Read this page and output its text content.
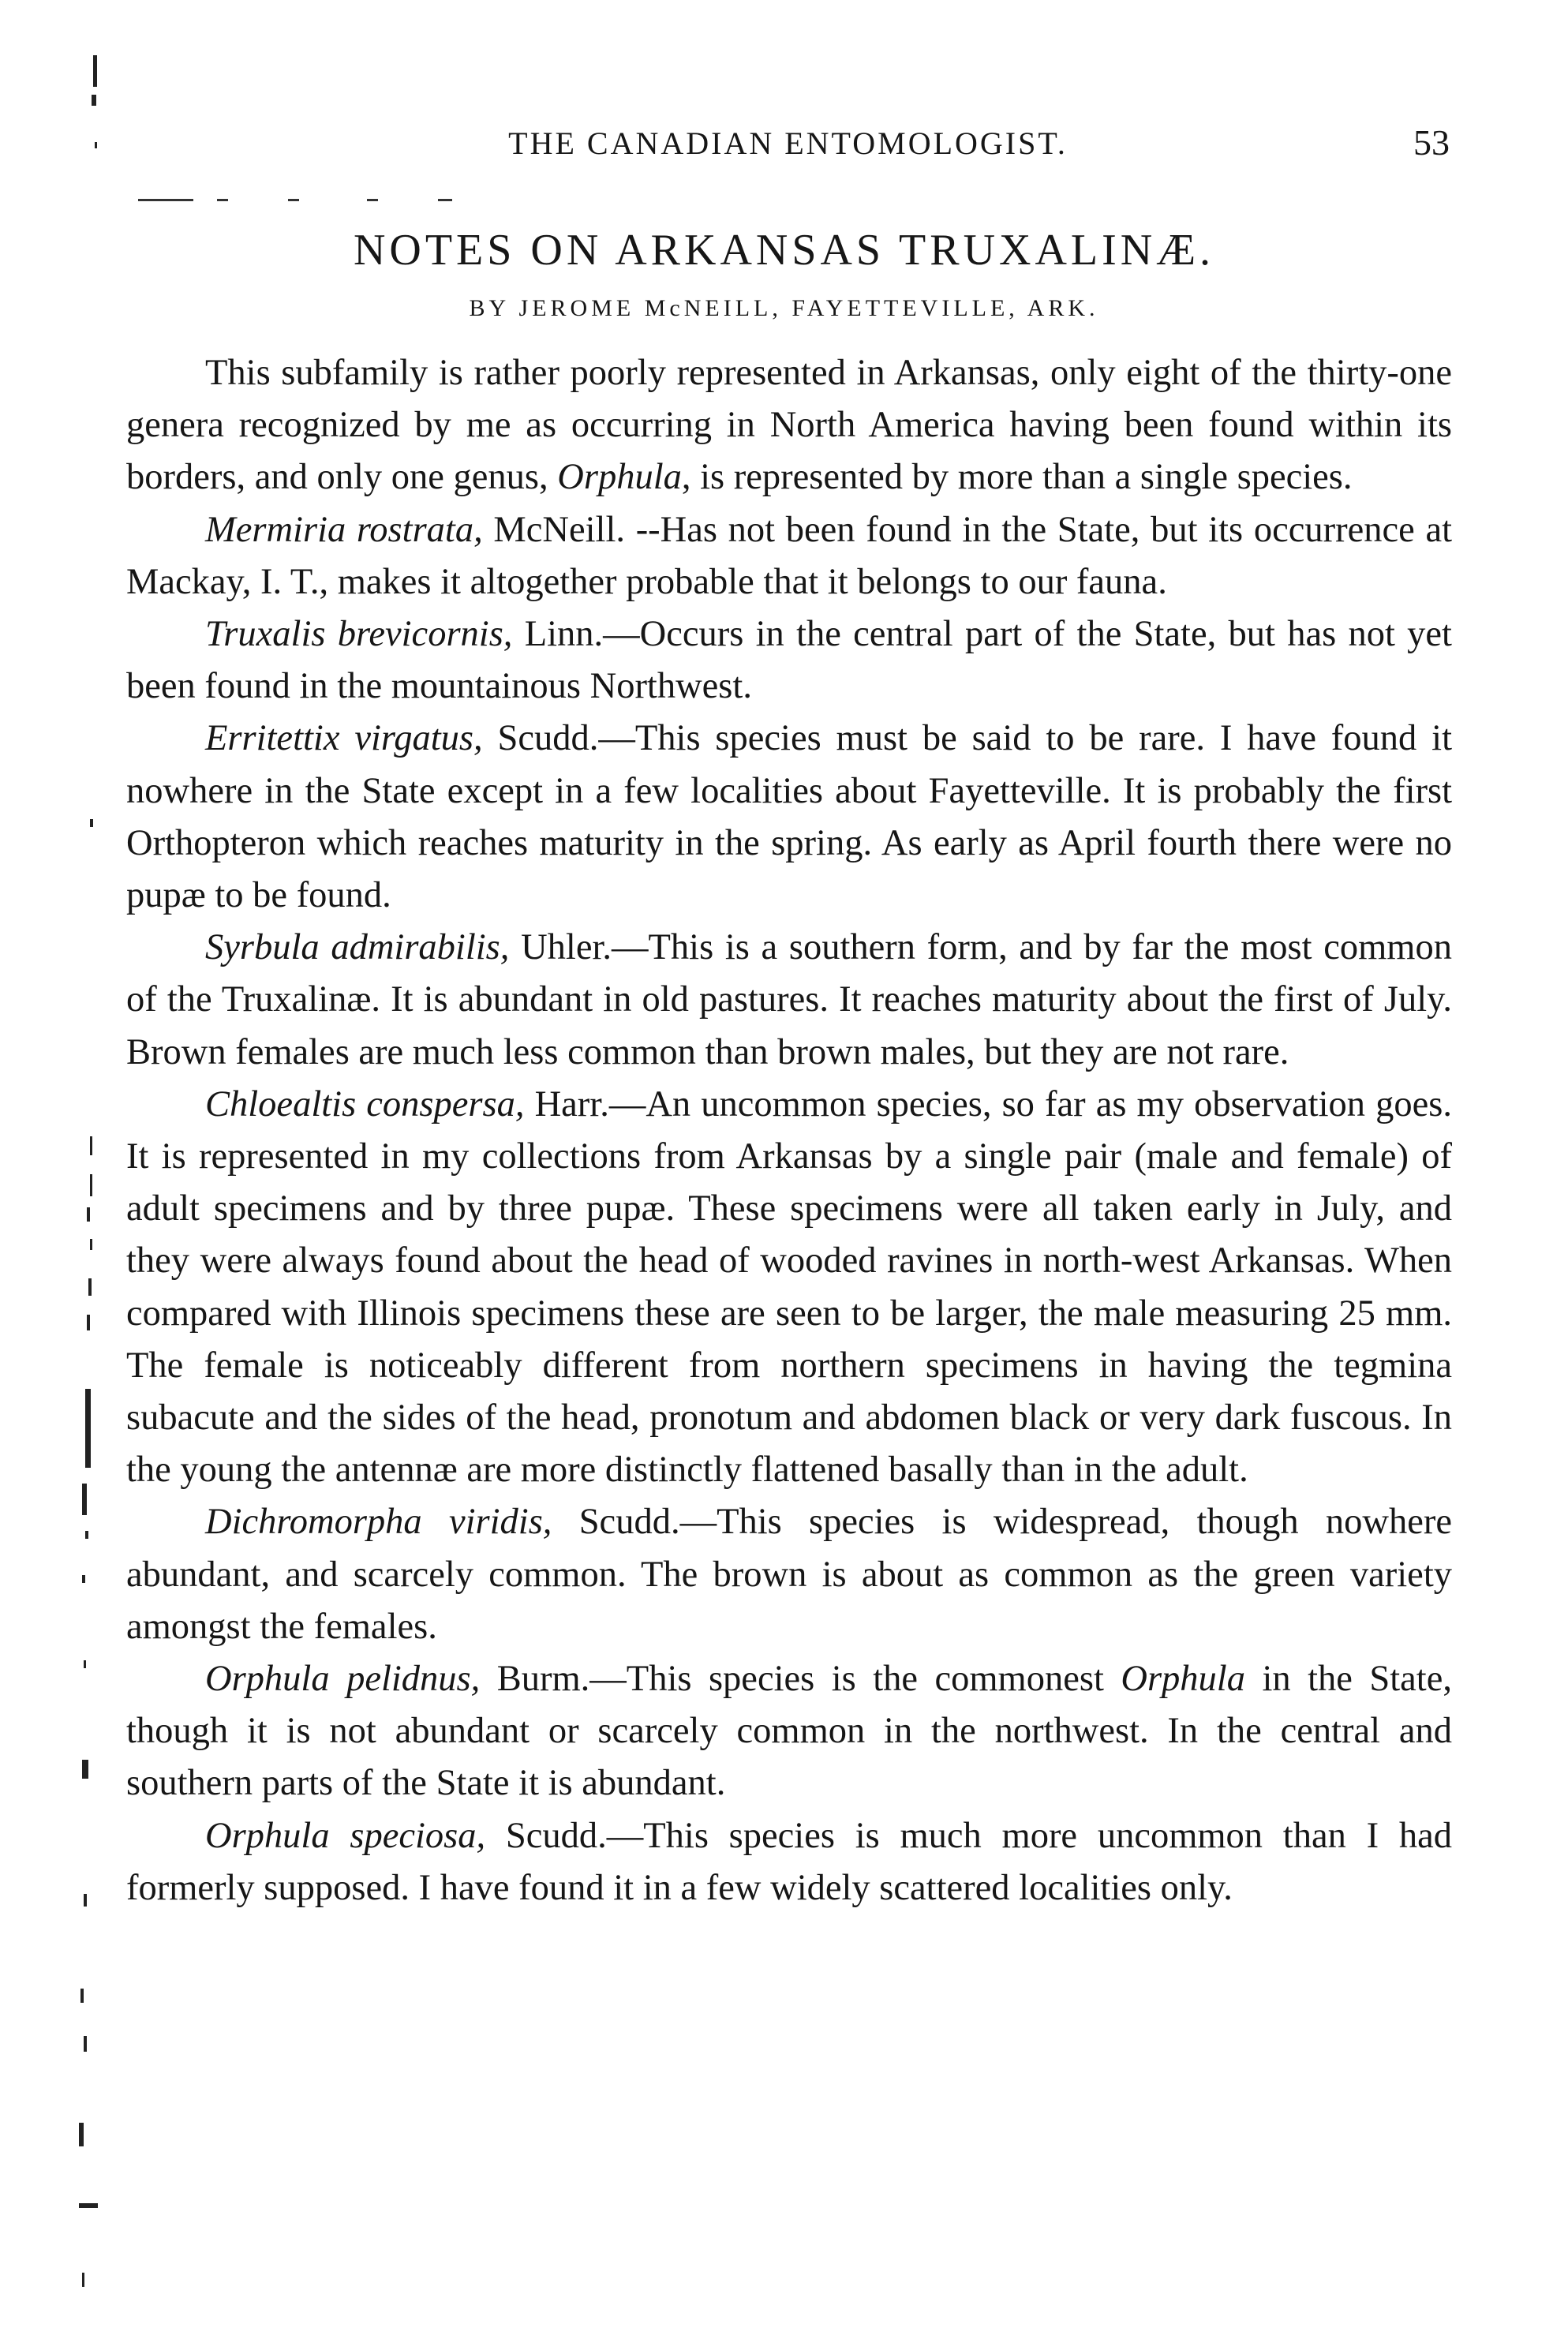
THE CANADIAN ENTOMOLOGIST.	53
NOTES ON ARKANSAS TRUXALINÆ.
BY JEROME McNEILL, FAYETTEVILLE, ARK.

This subfamily is rather poorly represented in Arkansas, only eight of the thirty-one genera recognized by me as occurring in North America having been found within its borders, and only one genus, Orphula, is represented by more than a single species.

Mermiria rostrata, McNeill. --Has not been found in the State, but its occurrence at Mackay, I. T., makes it altogether probable that it belongs to our fauna.

Truxalis brevicornis, Linn.—Occurs in the central part of the State, but has not yet been found in the mountainous Northwest.

Erritettix virgatus, Scudd.—This species must be said to be rare. I have found it nowhere in the State except in a few localities about Fayetteville. It is probably the first Orthopteron which reaches maturity in the spring. As early as April fourth there were no pupæ to be found.

Syrbula admirabilis, Uhler.—This is a southern form, and by far the most common of the Truxalinæ. It is abundant in old pastures. It reaches maturity about the first of July. Brown females are much less common than brown males, but they are not rare.

Chloealtis conspersa, Harr.—An uncommon species, so far as my observation goes. It is represented in my collections from Arkansas by a single pair (male and female) of adult specimens and by three pupæ. These specimens were all taken early in July, and they were always found about the head of wooded ravines in north-west Arkansas. When compared with Illinois specimens these are seen to be larger, the male measuring 25 mm. The female is noticeably different from northern specimens in having the tegmina subacute and the sides of the head, pronotum and abdomen black or very dark fuscous. In the young the antennæ are more distinctly flattened basally than in the adult.

Dichromorpha viridis, Scudd.—This species is widespread, though nowhere abundant, and scarcely common. The brown is about as common as the green variety amongst the females.

Orphula pelidnus, Burm.—This species is the commonest Orphula in the State, though it is not abundant or scarcely common in the northwest. In the central and southern parts of the State it is abundant.

Orphula speciosa, Scudd.—This species is much more uncommon than I had formerly supposed. I have found it in a few widely scattered localities only.
